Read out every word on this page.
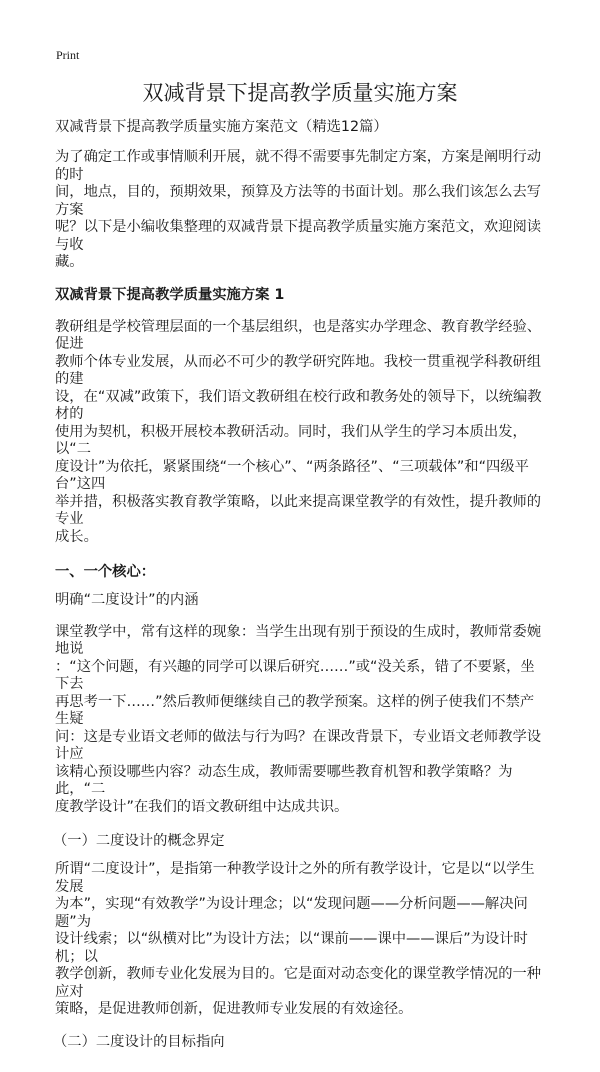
Print
双减背景下提高教学质量实施方案
双减背景下提高教学质量实施方案范文（精选12篇）
为了确定工作或事情顺利开展，就不得不需要事先制定方案，方案是阐明行动的时
间，地点，目的，预期效果，预算及方法等的书面计划。那么我们该怎么去写方案
呢？以下是小编收集整理的双减背景下提高教学质量实施方案范文，欢迎阅读与收
藏。
双减背景下提高教学质量实施方案 1
教研组是学校管理层面的一个基层组织，也是落实办学理念、教育教学经验、促进
教师个体专业发展，从而必不可少的教学研究阵地。我校一贯重视学科教研组的建
设，在“双减”政策下，我们语文教研组在校行政和教务处的领导下，以统编教材的
使用为契机，积极开展校本教研活动。同时，我们从学生的学习本质出发，以“二
度设计”为依托，紧紧围绕“一个核心”、“两条路径”、“三项载体”和“四级平台”这四
举并措，积极落实教育教学策略，以此来提高课堂教学的有效性，提升教师的专业
成长。
一、一个核心：
明确“二度设计”的内涵
课堂教学中，常有这样的现象：当学生出现有别于预设的生成时，教师常委婉地说
：“这个问题，有兴趣的同学可以课后研究……”或“没关系，错了不要紧，坐下去
再思考一下……”然后教师便继续自己的教学预案。这样的例子使我们不禁产生疑
问：这是专业语文老师的做法与行为吗？在课改背景下，专业语文老师教学设计应
该精心预设哪些内容？动态生成，教师需要哪些教育机智和教学策略？为此，“二
度教学设计”在我们的语文教研组中达成共识。
（一）二度设计的概念界定
所谓“二度设计”，是指第一种教学设计之外的所有教学设计，它是以“以学生发展
为本”，实现“有效教学”为设计理念；以“发现问题——分析问题——解决问题”为
设计线索；以“纵横对比”为设计方法；以“课前——课中——课后”为设计时机；以
教学创新，教师专业化发展为目的。它是面对动态变化的课堂教学情况的一种应对
策略，是促进教师创新，促进教师专业发展的有效途径。
（二）二度设计的目标指向
